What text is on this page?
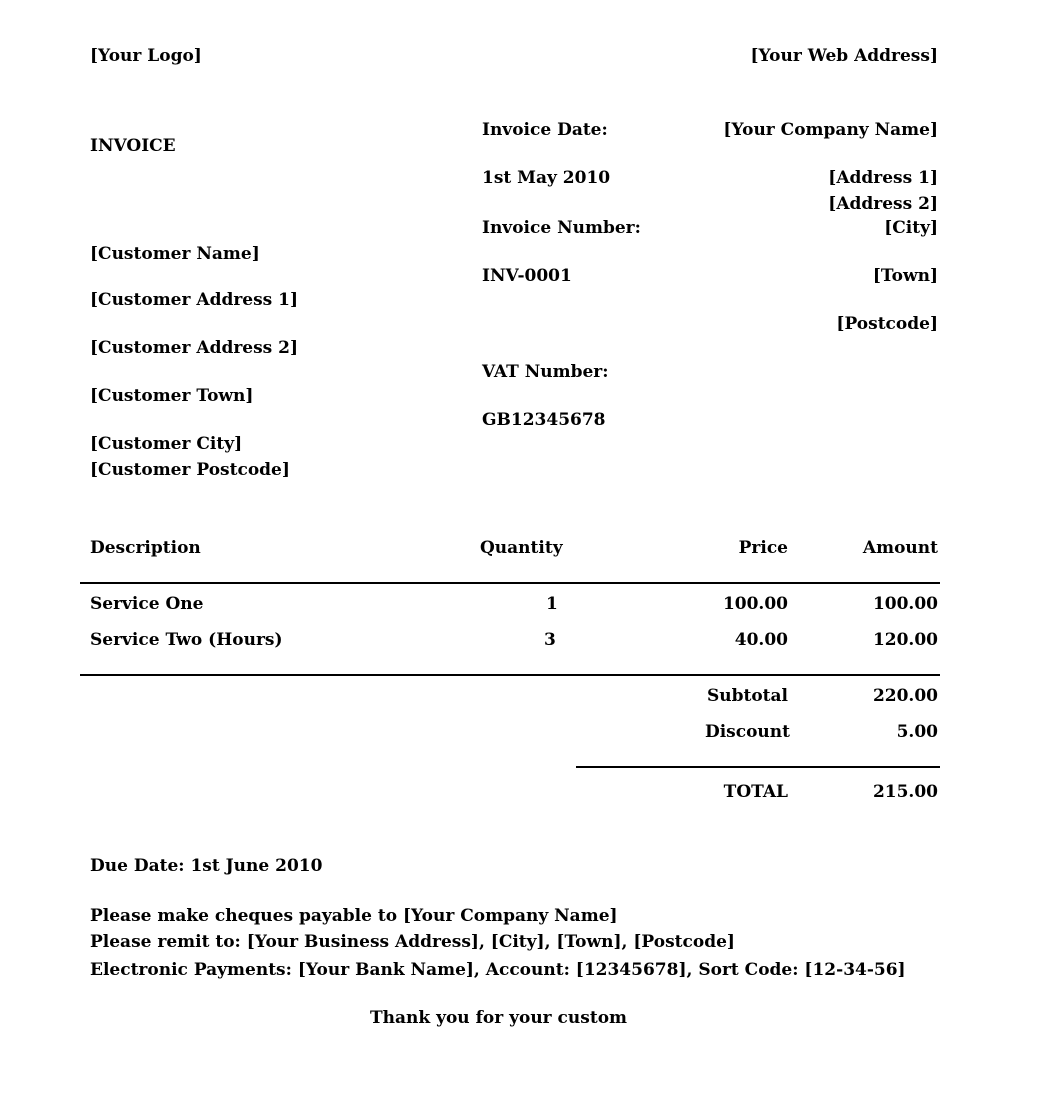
[Your Logo]	[Your Web Address]
INVOICE
Invoice Date:
1st May 2010
Invoice Number:
INV-0001
VAT Number:
GB12345678
[Your Company Name]
[Address 1]
[Address 2]
[City]
[Town]
[Postcode]
[Customer Name]
[Customer Address 1]
[Customer Address 2]
[Customer Town]
[Customer City]
[Customer Postcode]
Description	Quantity	Price	Amount
Service One	1	100.00	100.00
Service Two (Hours)	3	40.00	120.00
Subtotal	220.00
Discount	5.00
TOTAL	215.00
Due Date: 1st June 2010
Please make cheques payable to [Your Company Name]
Please remit to: [Your Business Address], [City], [Town], [Postcode]
Electronic Payments: [Your Bank Name], Account: [12345678], Sort Code: [12-34-56]
Thank you for your custom
